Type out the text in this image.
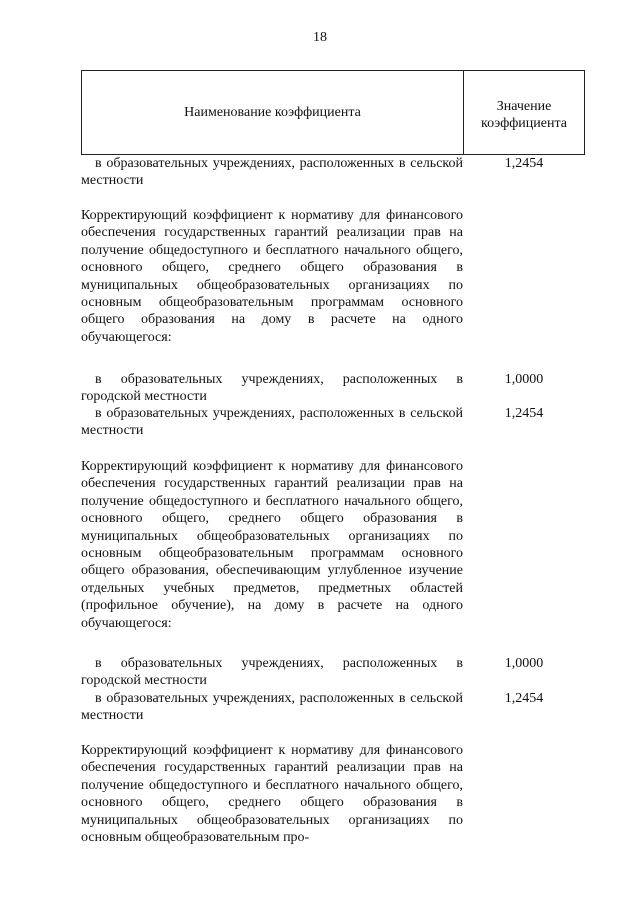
18
Наименование коэффициента	Значение коэффициента
в образовательных учреждениях, расположенных в сельской местности
1,2454
Корректирующий коэффициент к нормативу для финансового обеспечения государственных гарантий реализации прав на получение общедоступного и бесплатного начального общего, основного общего, среднего общего образования в муниципальных общеобразовательных организациях по основным общеобразовательным программам основного общего образования на дому в расчете на одного обучающегося:
в образовательных учреждениях, расположенных в городской местности
1,0000
в образовательных учреждениях, расположенных в сельской местности
1,2454
Корректирующий коэффициент к нормативу для финансового обеспечения государственных гарантий реализации прав на получение общедоступного и бесплатного начального общего, основного общего, среднего общего образования в муниципальных общеобразовательных организациях по основным общеобразовательным программам основного общего образования, обеспечивающим углубленное изучение отдельных учебных предметов, предметных областей (профильное обучение), на дому в расчете на одного обучающегося:
в образовательных учреждениях, расположенных в городской местности
1,0000
в образовательных учреждениях, расположенных в сельской местности
1,2454
Корректирующий коэффициент к нормативу для финансового обеспечения государственных гарантий реализации прав на получение общедоступного и бесплатного начального общего, основного общего, среднего общего образования в муниципальных общеобразовательных организациях по основным общеобразовательным про-
